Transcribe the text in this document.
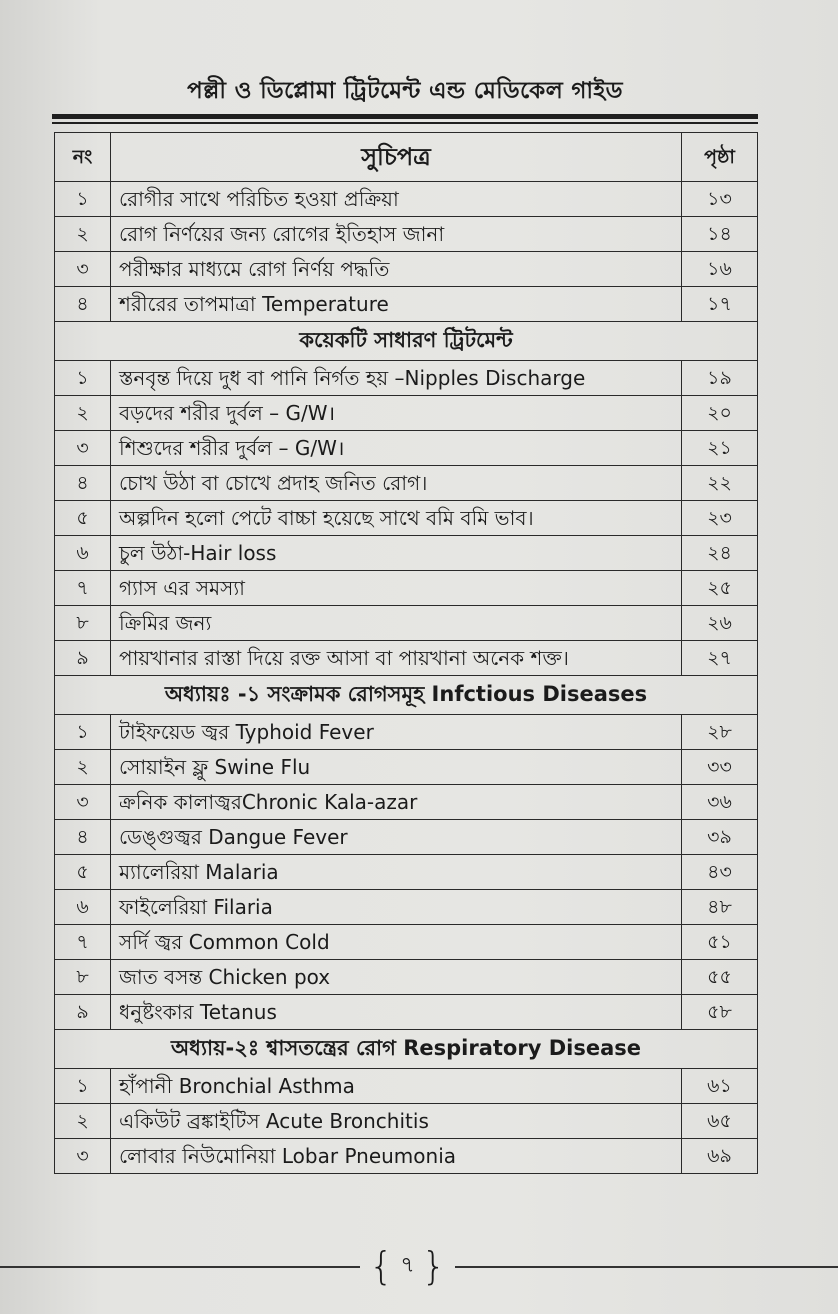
পল্লী ও ডিপ্লোমা ট্রিটমেন্ট এন্ড মেডিকেল গাইড
নং	সুচিপত্র	পৃষ্ঠা
১	রোগীর সাথে পরিচিত হওয়া প্রক্রিয়া	১৩
২	রোগ নির্ণয়ের জন্য রোগের ইতিহাস জানা	১৪
৩	পরীক্ষার মাধ্যমে রোগ নির্ণয় পদ্ধতি	১৬
৪	শরীরের তাপমাত্রা Temperature	১৭
কয়েকটি সাধারণ ট্রিটমেন্ট		
১	স্তনবৃন্ত দিয়ে দুধ বা পানি নির্গত হয় –Nipples Discharge	১৯
২	বড়দের শরীর দুর্বল – G/W।	২০
৩	শিশুদের শরীর দুর্বল – G/W।	২১
৪	চোখ উঠা বা চোখে প্রদাহ জনিত রোগ।	২২
৫	অল্পদিন হলো পেটে বাচ্চা হয়েছে সাথে বমি বমি ভাব।	২৩
৬	চুল উঠা-Hair loss	২৪
৭	গ্যাস এর সমস্যা	২৫
৮	ক্রিমির জন্য	২৬
৯	পায়খানার রাস্তা দিয়ে রক্ত আসা বা পায়খানা অনেক শক্ত।	২৭
অধ্যায়ঃ -১ সংক্রামক রোগসমূহ Infctious Diseases		
১	টাইফয়েড জ্বর Typhoid Fever	২৮
২	সোয়াইন ফ্লু Swine Flu	৩৩
৩	ক্রনিক কালাজ্বরChronic Kala-azar	৩৬
৪	ডেঙ্গুজ্বর Dangue Fever	৩৯
৫	ম্যালেরিয়া Malaria	৪৩
৬	ফাইলেরিয়া Filaria	৪৮
৭	সর্দি জ্বর Common Cold	৫১
৮	জাত বসন্ত Chicken pox	৫৫
৯	ধনুষ্টংকার Tetanus	৫৮
অধ্যায়-২ঃ শ্বাসতন্ত্রের রোগ Respiratory Disease		
১	হাঁপানী Bronchial Asthma	৬১
২	একিউট ব্রঙ্কাইটিস Acute Bronchitis	৬৫
৩	লোবার নিউমোনিয়া Lobar Pneumonia	৬৯
{ ৭ }
